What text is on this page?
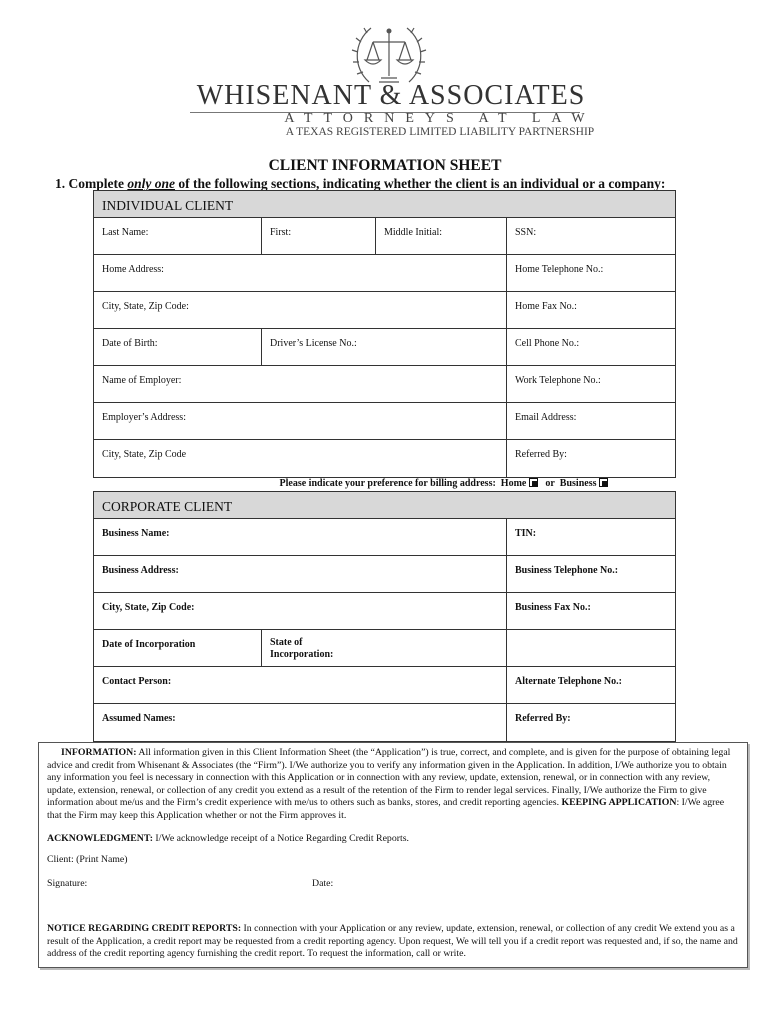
WHISENANT & ASSOCIATES
ATTORNEYS AT LAW
A TEXAS REGISTERED LIMITED LIABILITY PARTNERSHIP
CLIENT INFORMATION SHEET
1. Complete only one of the following sections, indicating whether the client is an individual or a company:
INDIVIDUAL CLIENT
Last Name:	First:	Middle Initial:	SSN:
Home Address:	Home Telephone No.:
City, State, Zip Code:	Home Fax No.:
Date of Birth:	Driver’s License No.:	Cell Phone No.:
Name of Employer:	Work Telephone No.:
Employer’s Address:	Email Address:
City, State, Zip Code	Referred By:
Please indicate your preference for billing address: Home or Business
CORPORATE CLIENT
Business Name:	TIN:
Business Address:	Business Telephone No.:
City, State, Zip Code:	Business Fax No.:
Date of Incorporation	State of
Incorporation:
Contact Person:	Alternate Telephone No.:
Assumed Names:	Referred By:
INFORMATION: All information given in this Client Information Sheet (the “Application”) is true, correct, and complete, and is given for the purpose of obtaining legal advice and credit from Whisenant & Associates (the “Firm”). I/We authorize you to verify any information given in the Application. In addition, I/We authorize you to obtain any information you feel is necessary in connection with this Application or in connection with any review, update, extension, renewal, or in connection with any review, update, extension, renewal, or collection of any credit you extend as a result of the retention of the Firm to render legal services. Finally, I/We authorize the Firm to give information about me/us and the Firm’s credit experience with me/us to others such as banks, stores, and credit reporting agencies. KEEPING APPLICATION: I/We agree that the Firm may keep this Application whether or not the Firm approves it.
ACKNOWLEDGMENT: I/We acknowledge receipt of a Notice Regarding Credit Reports.
Client: (Print Name)
Signature:	Date:
NOTICE REGARDING CREDIT REPORTS: In connection with your Application or any review, update, extension, renewal, or collection of any credit We extend you as a result of the Application, a credit report may be requested from a credit reporting agency. Upon request, We will tell you if a credit report was requested and, if so, the name and address of the credit reporting agency furnishing the credit report. To request the information, call or write.
